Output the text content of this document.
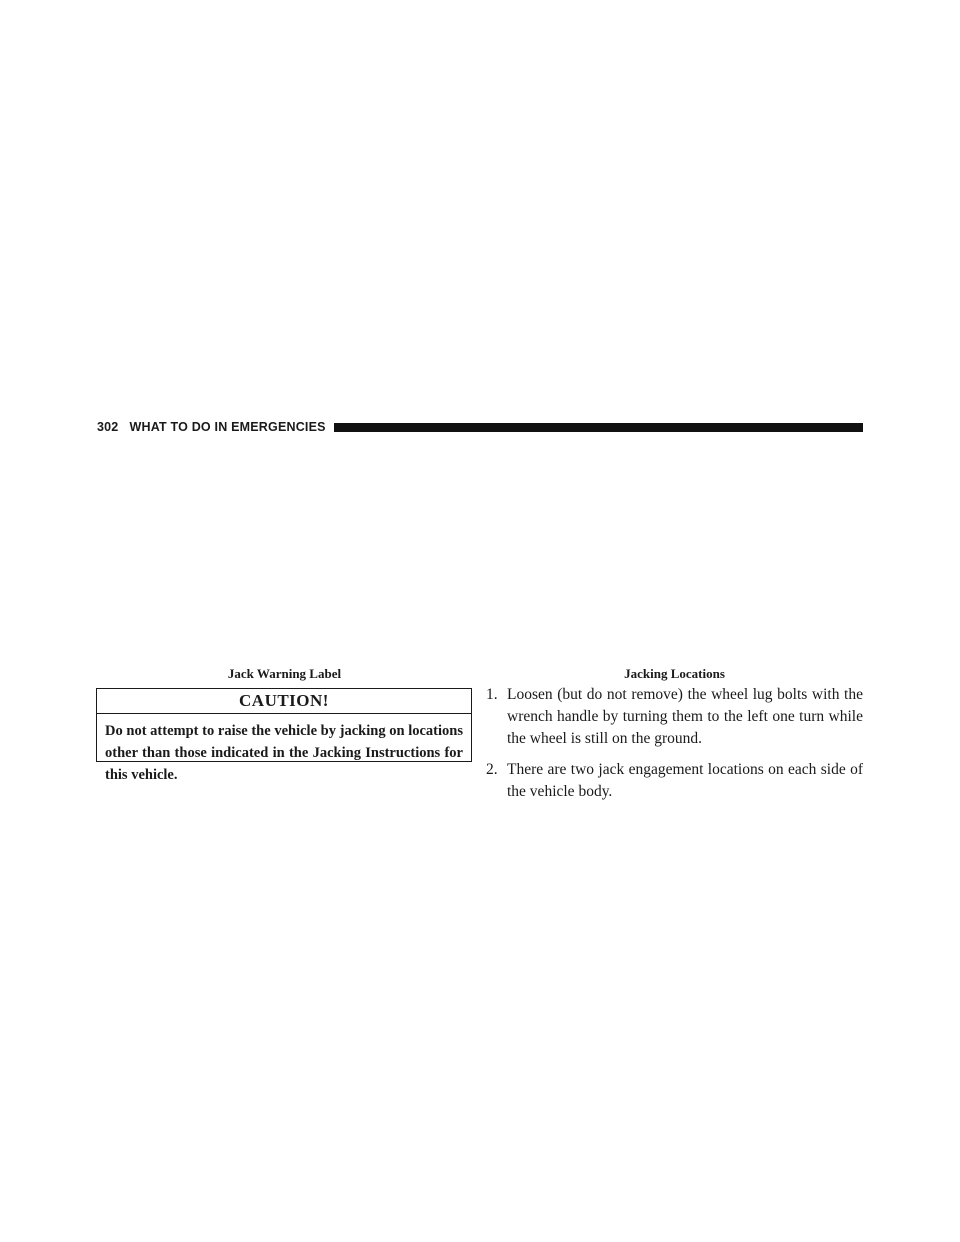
302 WHAT TO DO IN EMERGENCIES
Jack Warning Label	Jacking Locations
CAUTION!
Do not attempt to raise the vehicle by jacking on locations other than those indicated in the Jacking Instructions for this vehicle.
1. Loosen (but do not remove) the wheel lug bolts with the wrench handle by turning them to the left one turn while the wheel is still on the ground.
2. There are two jack engagement locations on each side of the vehicle body.
